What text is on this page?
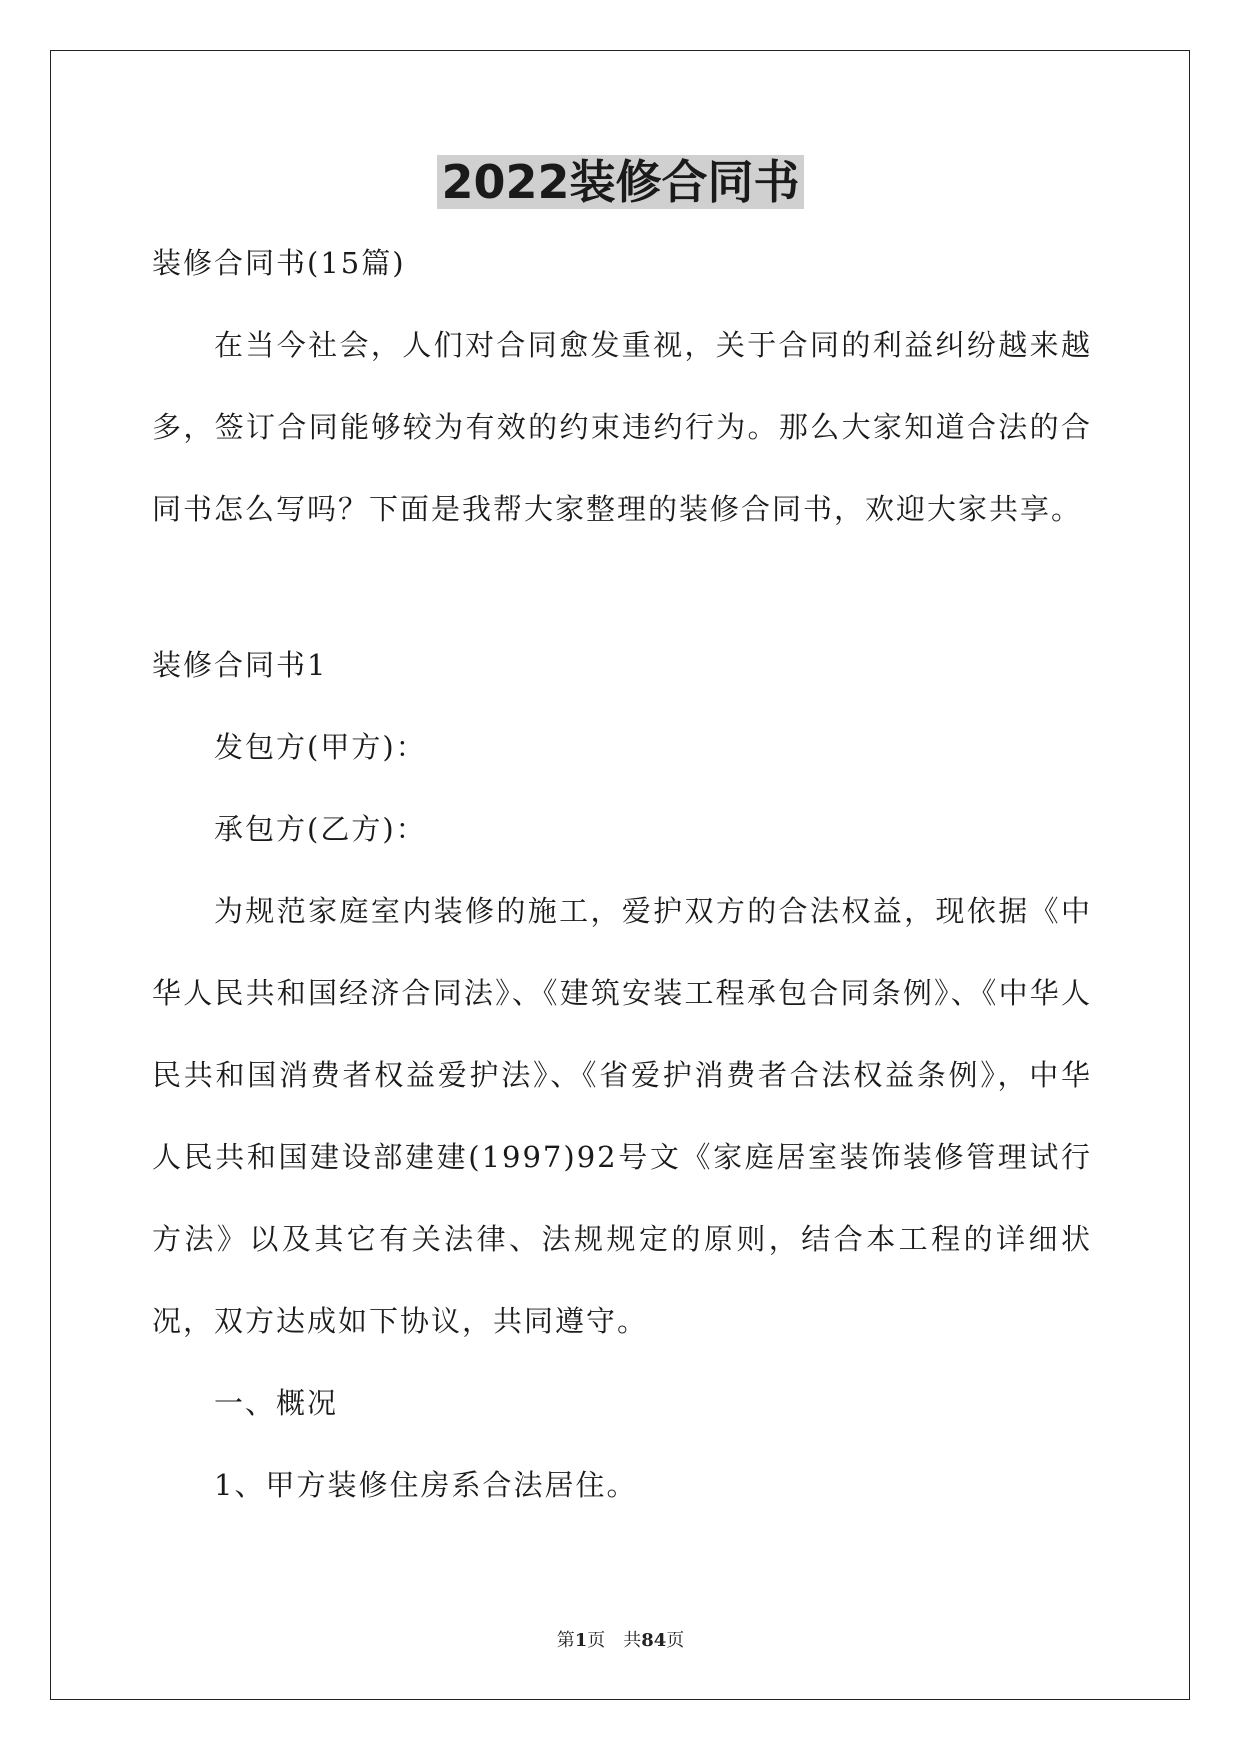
2022装修合同书

装修合同书(15篇)

在当今社会，人们对合同愈发重视，关于合同的利益纠纷越来越多，签订合同能够较为有效的约束违约行为。那么大家知道合法的合同书怎么写吗？下面是我帮大家整理的装修合同书，欢迎大家共享。

装修合同书1

发包方(甲方)：

承包方(乙方)：

为规范家庭室内装修的施工，爱护双方的合法权益，现依据《中华人民共和国经济合同法》、《建筑安装工程承包合同条例》、《中华人民共和国消费者权益爱护法》、《省爱护消费者合法权益条例》，中华人民共和国建设部建建(1997)92号文《家庭居室装饰装修管理试行方法》以及其它有关法律、法规规定的原则，结合本工程的详细状况，双方达成如下协议，共同遵守。

一、概况

1、甲方装修住房系合法居住。

第1页　共84页
